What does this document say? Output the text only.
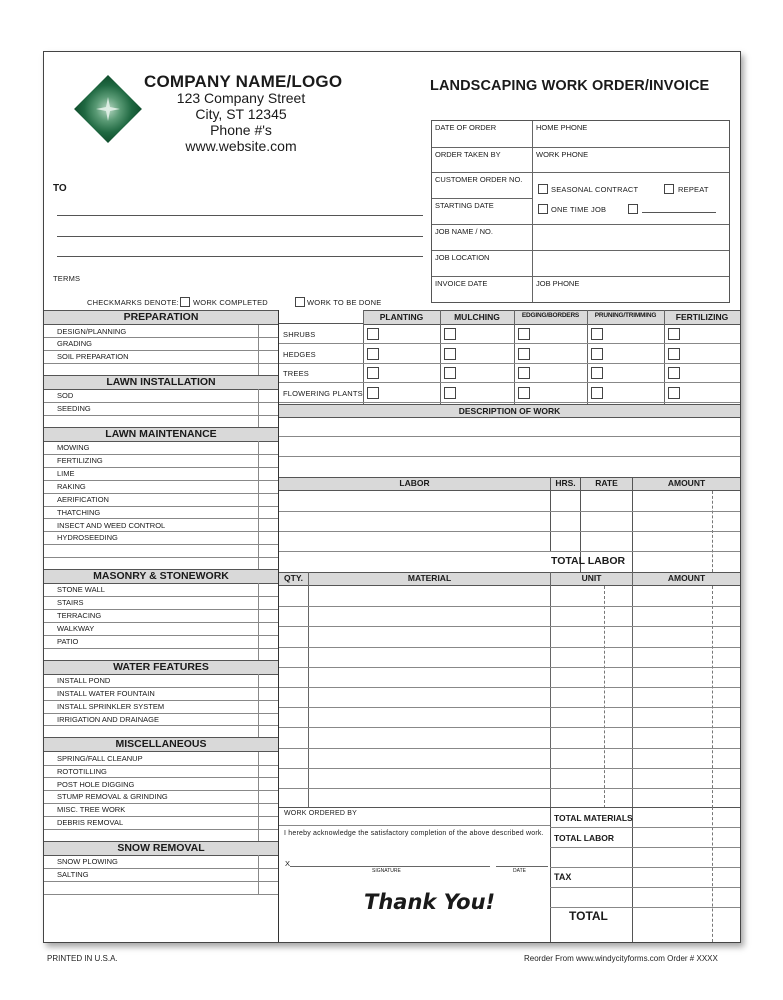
COMPANY NAME/LOGO
123 Company Street
City, ST 12345
Phone #'s
www.website.com
LANDSCAPING WORK ORDER/INVOICE
TO
TERMS
CHECKMARKS DENOTE: WORK COMPLETED	WORK TO BE DONE
DATE OF ORDER	HOME PHONE
ORDER TAKEN BY	WORK PHONE
CUSTOMER ORDER NO.
STARTING DATE
SEASONAL CONTRACT	REPEAT
ONE TIME JOB
JOB NAME / NO.
JOB LOCATION
INVOICE DATE	JOB PHONE
PREPARATION
DESIGN/PLANNING
GRADING
SOIL PREPARATION
LAWN INSTALLATION
SOD
SEEDING
LAWN MAINTENANCE
MOWING
FERTILIZING
LIME
RAKING
AERIFICATION
THATCHING
INSECT AND WEED CONTROL
HYDROSEEDING
MASONRY & STONEWORK
STONE WALL
STAIRS
TERRACING
WALKWAY
PATIO
WATER FEATURES
INSTALL POND
INSTALL WATER FOUNTAIN
INSTALL SPRINKLER SYSTEM
IRRIGATION AND DRAINAGE
MISCELLANEOUS
SPRING/FALL CLEANUP
ROTOTILLING
POST HOLE DIGGING
STUMP REMOVAL & GRINDING
MISC. TREE WORK
DEBRIS REMOVAL
SNOW REMOVAL
SNOW PLOWING
SALTING
PLANTING	MULCHING	EDGING/BORDERS	PRUNING/TRIMMING	FERTILIZING
SHRUBS
HEDGES
TREES
FLOWERING PLANTS
DESCRIPTION OF WORK
LABOR	HRS.	RATE	AMOUNT
TOTAL LABOR
QTY.	MATERIAL	UNIT	AMOUNT
WORK ORDERED BY
I hereby acknowledge the satisfactory completion of the above described work.
X
SIGNATURE	DATE
Thank You!
TOTAL MATERIALS
TOTAL LABOR
TAX
TOTAL
PRINTED IN U.S.A.	Reorder From www.windycityforms.com Order # XXXX
